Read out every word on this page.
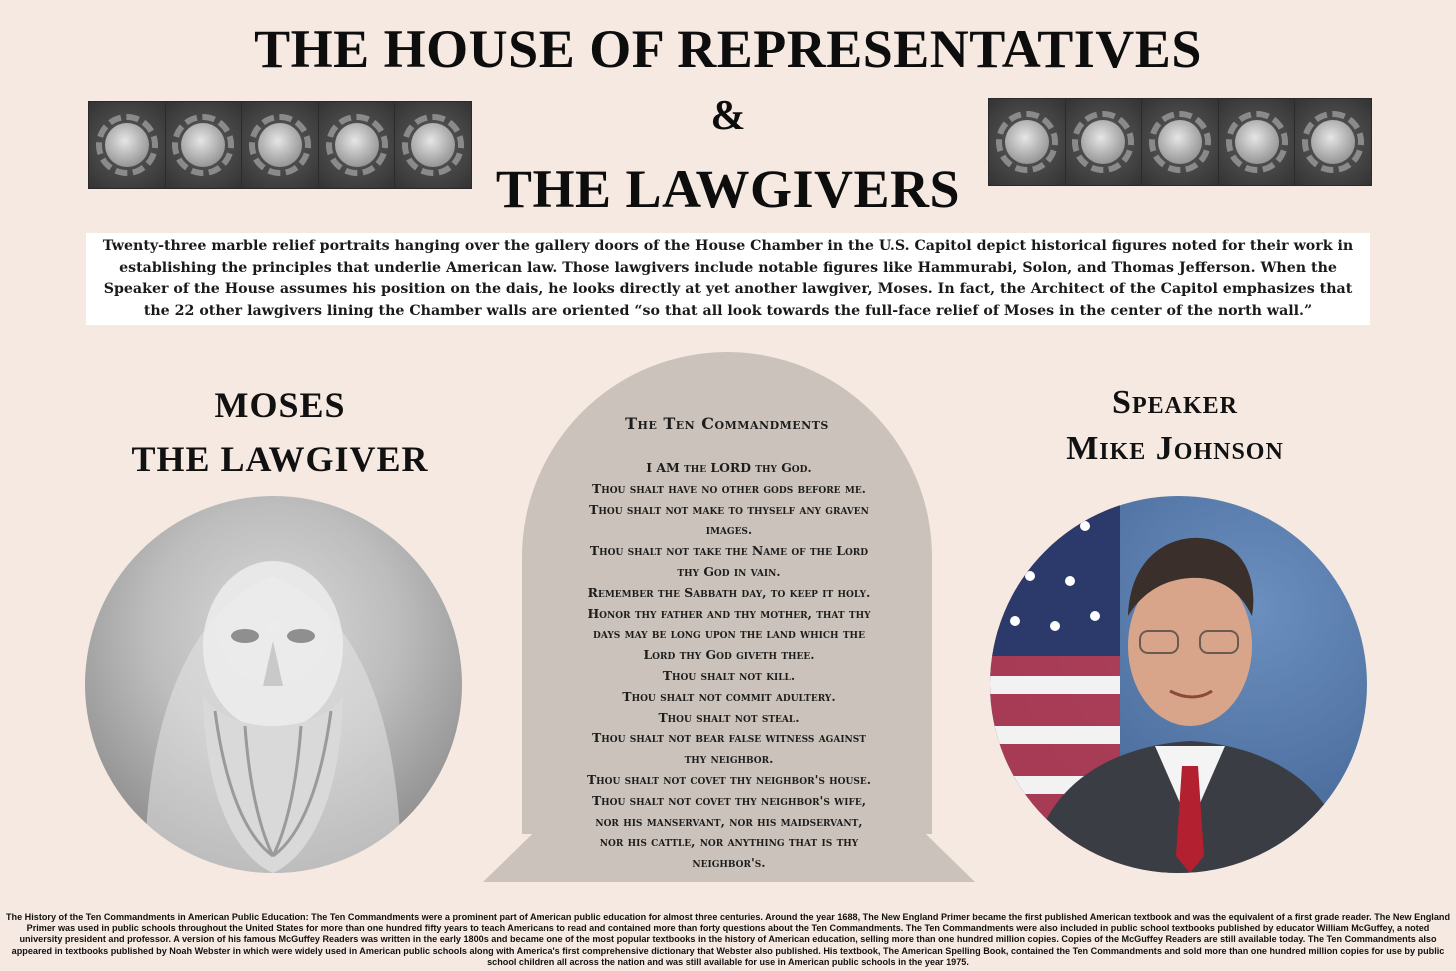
THE HOUSE OF REPRESENTATIVES
&
THE LAWGIVERS
Twenty-three marble relief portraits hanging over the gallery doors of the House Chamber in the U.S. Capitol depict historical figures noted for their work in establishing the principles that underlie American law. Those lawgivers include notable figures like Hammurabi, Solon, and Thomas Jefferson. When the Speaker of the House assumes his position on the dais, he looks directly at yet another lawgiver, Moses. In fact, the Architect of the Capitol emphasizes that the 22 other lawgivers lining the Chamber walls are oriented “so that all look towards the full-face relief of Moses in the center of the north wall.”
MOSES
THE LAWGIVER
The Ten Commandments
I AM the LORD thy God.
Thou shalt have no other gods before me.
Thou shalt not make to thyself any graven
images.
Thou shalt not take the Name of the Lord
thy God in vain.
Remember the Sabbath day, to keep it holy.
Honor thy father and thy mother, that thy
days may be long upon the land which the
Lord thy God giveth thee.
Thou shalt not kill.
Thou shalt not commit adultery.
Thou shalt not steal.
Thou shalt not bear false witness against
thy neighbor.
Thou shalt not covet thy neighbor's house.
Thou shalt not covet thy neighbor's wife,
nor his manservant, nor his maidservant,
nor his cattle, nor anything that is thy
neighbor's.
Speaker
Mike Johnson
The History of the Ten Commandments in American Public Education: The Ten Commandments were a prominent part of American public education for almost three centuries. Around the year 1688, The New England Primer became the first published American textbook and was the equivalent of a first grade reader. The New England Primer was used in public schools throughout the United States for more than one hundred fifty years to teach Americans to read and contained more than forty questions about the Ten Commandments. The Ten Commandments were also included in public school textbooks published by educator William McGuffey, a noted university president and professor. A version of his famous McGuffey Readers was written in the early 1800s and became one of the most popular textbooks in the history of American education, selling more than one hundred million copies. Copies of the McGuffey Readers are still available today. The Ten Commandments also appeared in textbooks published by Noah Webster in which were widely used in American public schools along with America's first comprehensive dictionary that Webster also published. His textbook, The American Spelling Book, contained the Ten Commandments and sold more than one hundred million copies for use by public school children all across the nation and was still available for use in American public schools in the year 1975.
